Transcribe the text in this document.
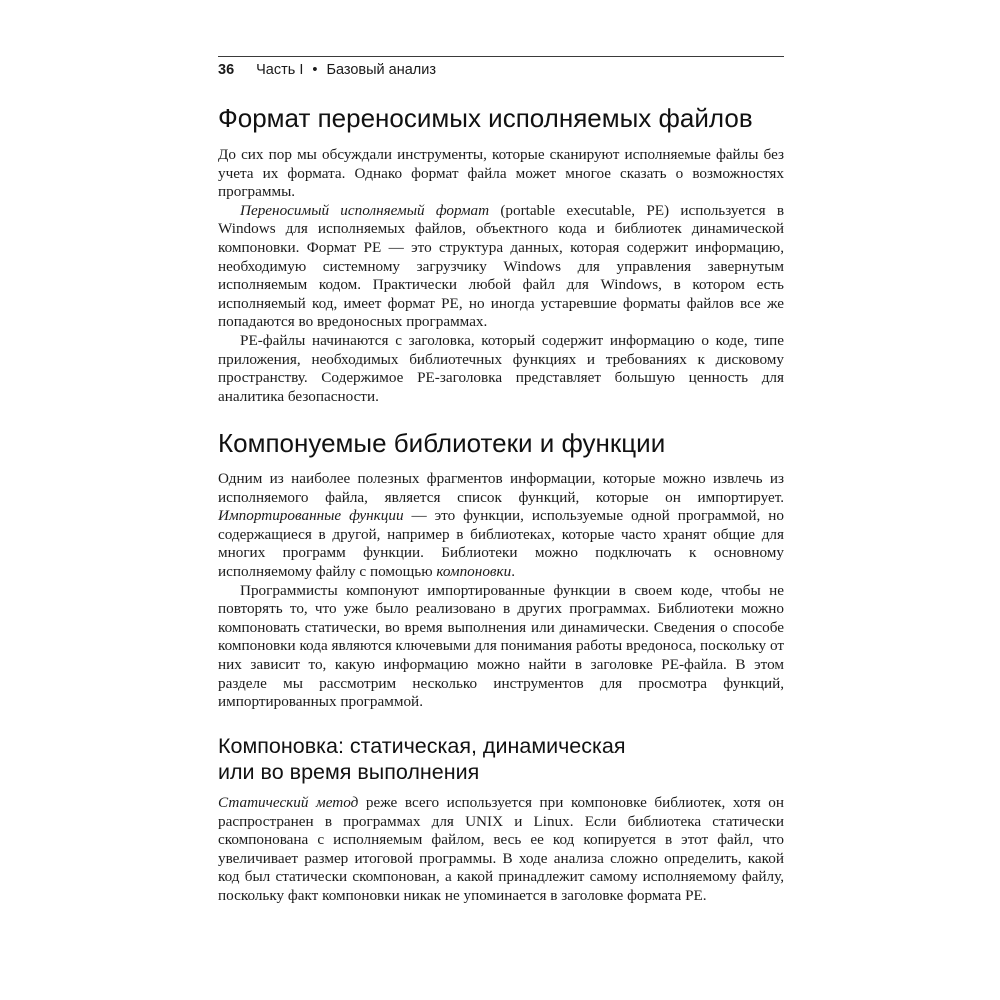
36 Часть I • Базовый анализ
Формат переносимых исполняемых файлов

До сих пор мы обсуждали инструменты, которые сканируют исполняемые файлы без учета их формата. Однако формат файла может многое сказать о возможностях программы.

Переносимый исполняемый формат (portable executable, PE) используется в Windows для исполняемых файлов, объектного кода и библиотек динамической компоновки. Формат PE — это структура данных, которая содержит информацию, необходимую системному загрузчику Windows для управления завернутым исполняемым кодом. Практически любой файл для Windows, в котором есть исполняемый код, имеет формат PE, но иногда устаревшие форматы файлов все же попадаются во вредоносных программах.

PE-файлы начинаются с заголовка, который содержит информацию о коде, типе приложения, необходимых библиотечных функциях и требованиях к дисковому пространству. Содержимое PE-заголовка представляет большую ценность для аналитика безопасности.

Компонуемые библиотеки и функции

Одним из наиболее полезных фрагментов информации, которые можно извлечь из исполняемого файла, является список функций, которые он импортирует. Импортированные функции — это функции, используемые одной программой, но содержащиеся в другой, например в библиотеках, которые часто хранят общие для многих программ функции. Библиотеки можно подключать к основному исполняемому файлу с помощью компоновки.

Программисты компонуют импортированные функции в своем коде, чтобы не повторять то, что уже было реализовано в других программах. Библиотеки можно компоновать статически, во время выполнения или динамически. Сведения о способе компоновки кода являются ключевыми для понимания работы вредоноса, поскольку от них зависит то, какую информацию можно найти в заголовке PE-файла. В этом разделе мы рассмотрим несколько инструментов для просмотра функций, импортированных программой.

Компоновка: статическая, динамическая
или во время выполнения

Статический метод реже всего используется при компоновке библиотек, хотя он распространен в программах для UNIX и Linux. Если библиотека статически скомпонована с исполняемым файлом, весь ее код копируется в этот файл, что увеличивает размер итоговой программы. В ходе анализа сложно определить, какой код был статически скомпонован, а какой принадлежит самому исполняемому файлу, поскольку факт компоновки никак не упоминается в заголовке формата PE.
